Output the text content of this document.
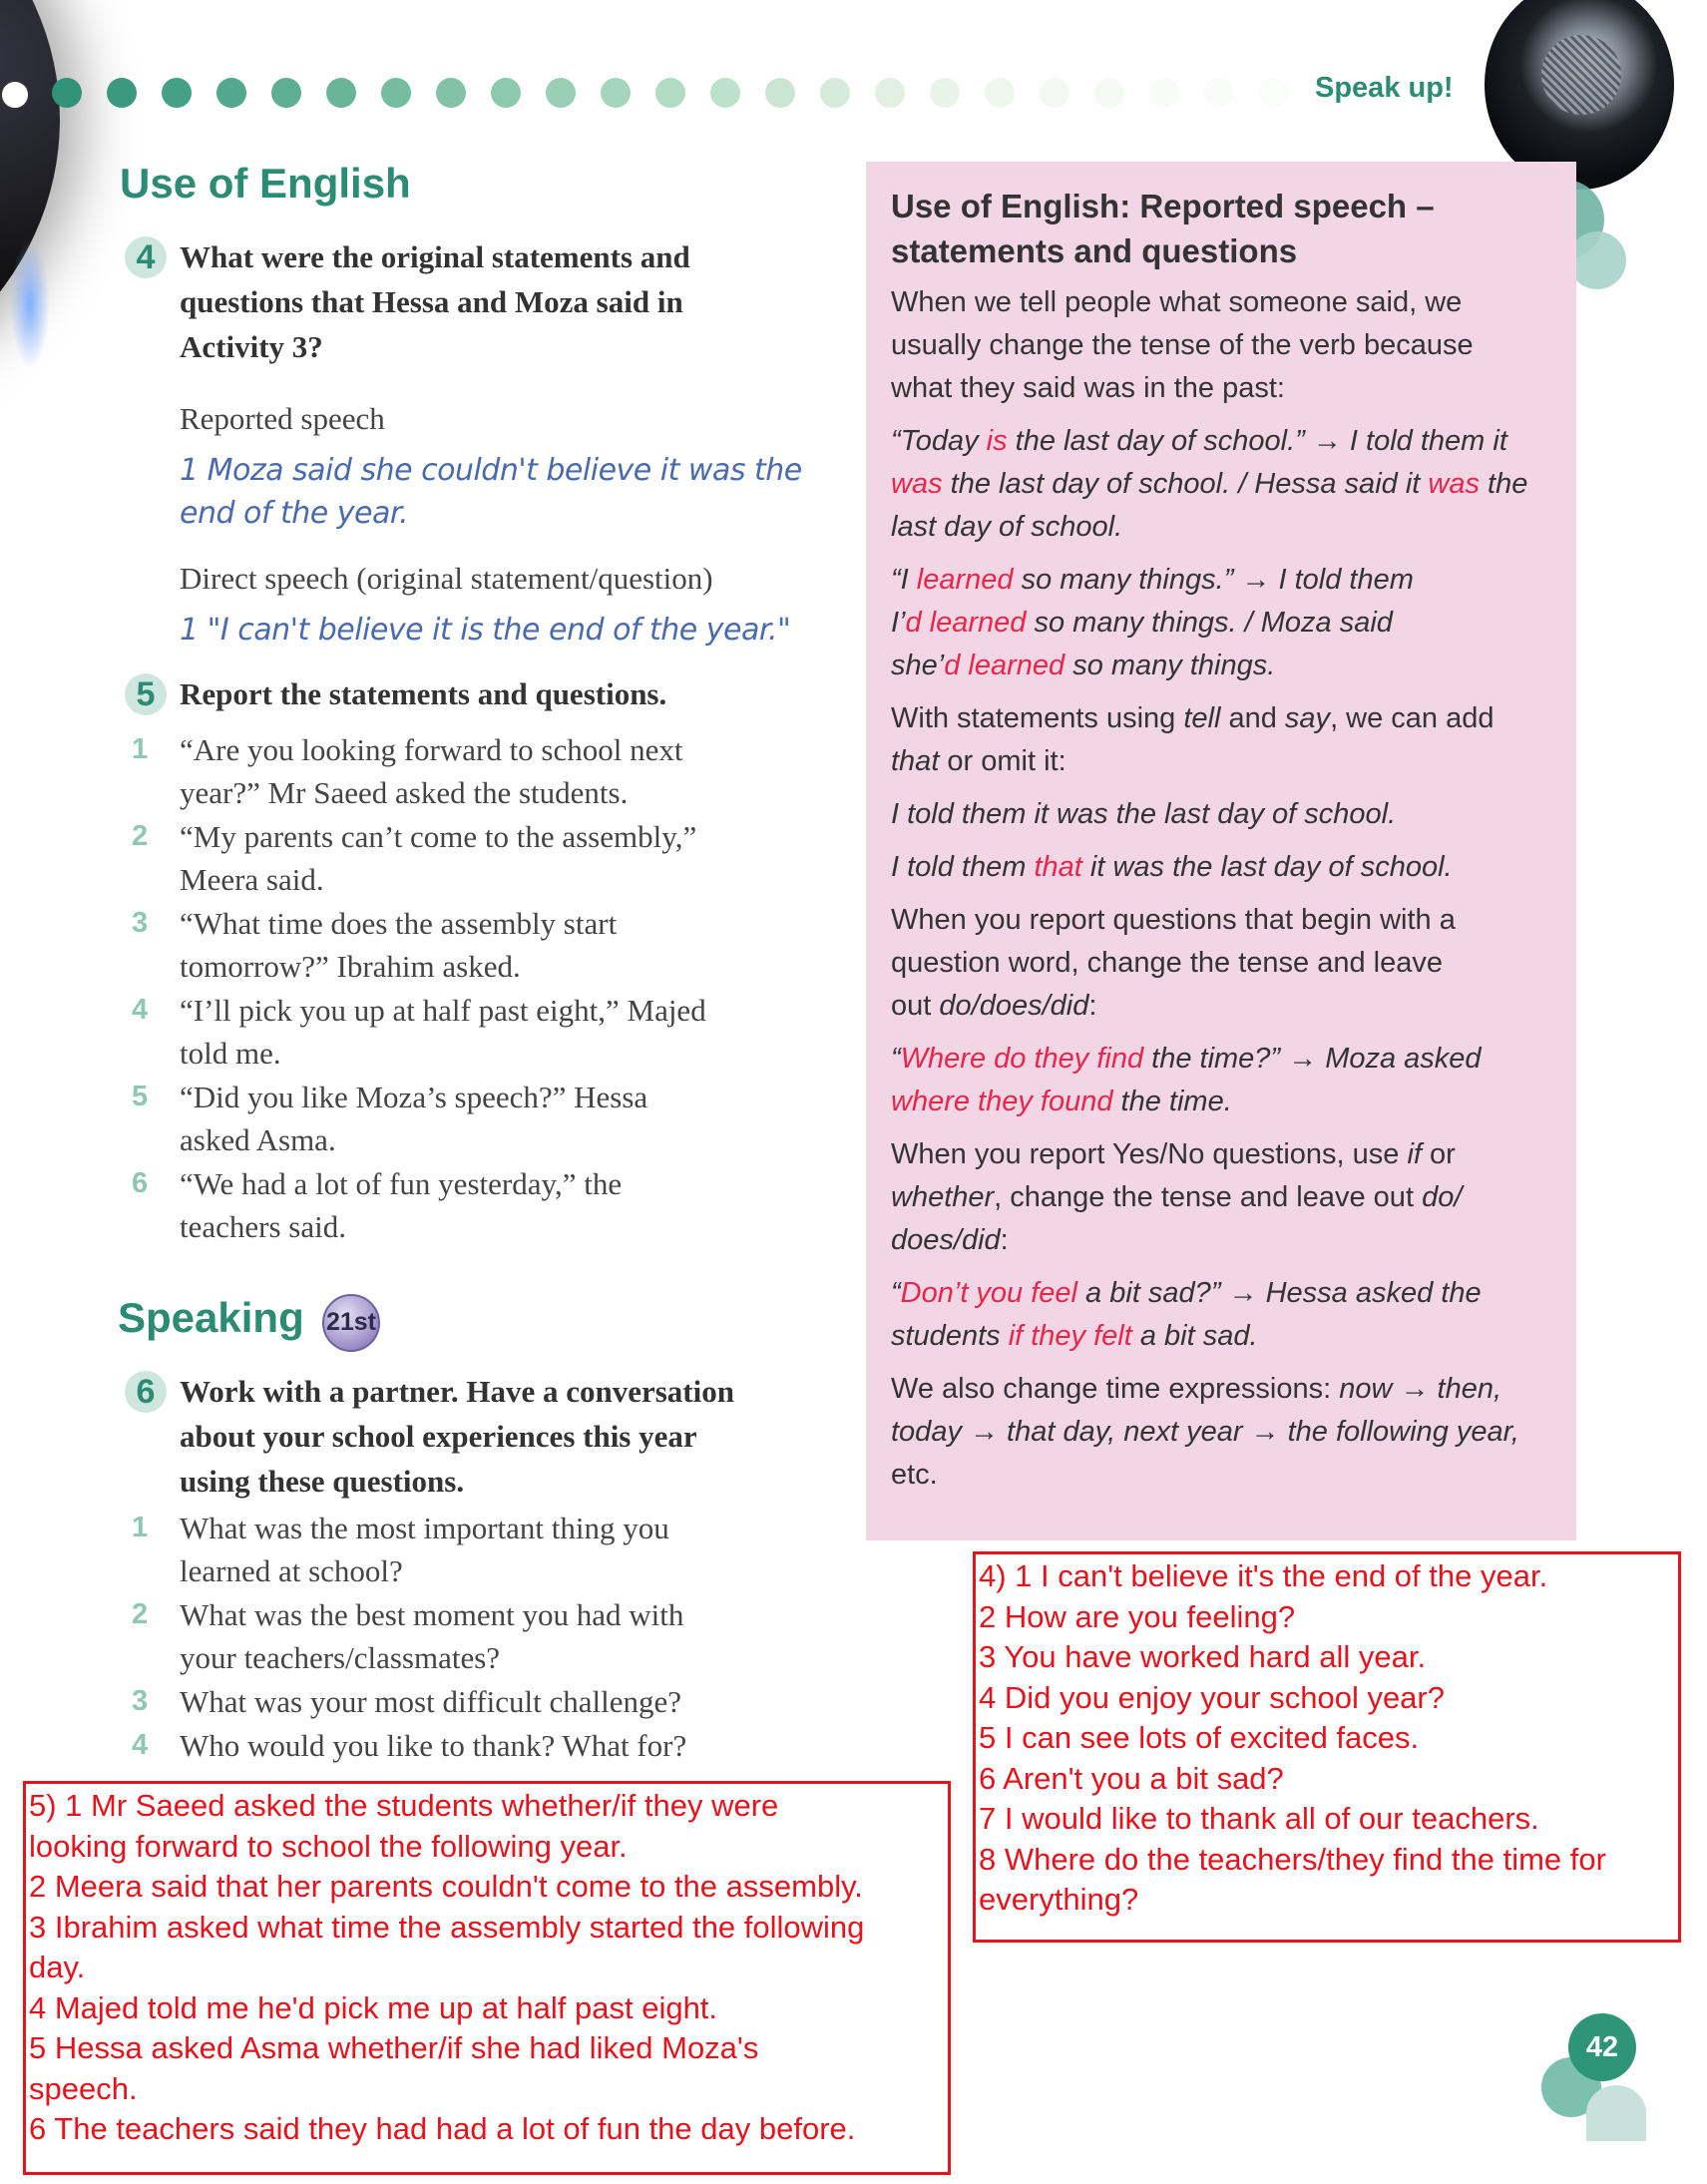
Speak up!
Use of English
4 What were the original statements and
questions that Hessa and Moza said in
Activity 3?
Reported speech
1 Moza said she couldn't believe it was the
end of the year.
Direct speech (original statement/question)
1 "I can't believe it is the end of the year."
5 Report the statements and questions.
1	“Are you looking forward to school next
year?” Mr Saeed asked the students.
2	“My parents can’t come to the assembly,”
Meera said.
3	“What time does the assembly start
tomorrow?” Ibrahim asked.
4	“I’ll pick you up at half past eight,” Majed
told me.
5	“Did you like Moza’s speech?” Hessa
asked Asma.
6	“We had a lot of fun yesterday,” the
teachers said.
Speaking 21st
6 Work with a partner. Have a conversation
about your school experiences this year
using these questions.
1	What was the most important thing you
learned at school?
2	What was the best moment you had with
your teachers/classmates?
3	What was your most difficult challenge?
4	Who would you like to thank? What for?
Use of English: Reported speech –
statements and questions
When we tell people what someone said, we
usually change the tense of the verb because
what they said was in the past:
“Today is the last day of school.” → I told them it
was the last day of school. / Hessa said it was the
last day of school.
“I learned so many things.” → I told them
I’d learned so many things. / Moza said
she’d learned so many things.
With statements using tell and say, we can add
that or omit it:
I told them it was the last day of school.
I told them that it was the last day of school.
When you report questions that begin with a
question word, change the tense and leave
out do/does/did:
“Where do they find the time?” → Moza asked
where they found the time.
When you report Yes/No questions, use if or
whether, change the tense and leave out do/
does/did:
“Don’t you feel a bit sad?” → Hessa asked the
students if they felt a bit sad.
We also change time expressions: now → then,
today → that day, next year → the following year,
etc.
4) 1 I can't believe it's the end of the year.
2 How are you feeling?
3 You have worked hard all year.
4 Did you enjoy your school year?
5 I can see lots of excited faces.
6 Aren't you a bit sad?
7 I would like to thank all of our teachers.
8 Where do the teachers/they find the time for
everything?
5) 1 Mr Saeed asked the students whether/if they were
looking forward to school the following year.
2 Meera said that her parents couldn't come to the assembly.
3 Ibrahim asked what time the assembly started the following
day.
4 Majed told me he'd pick me up at half past eight.
5 Hessa asked Asma whether/if she had liked Moza's
speech.
6 The teachers said they had had a lot of fun the day before.
42
